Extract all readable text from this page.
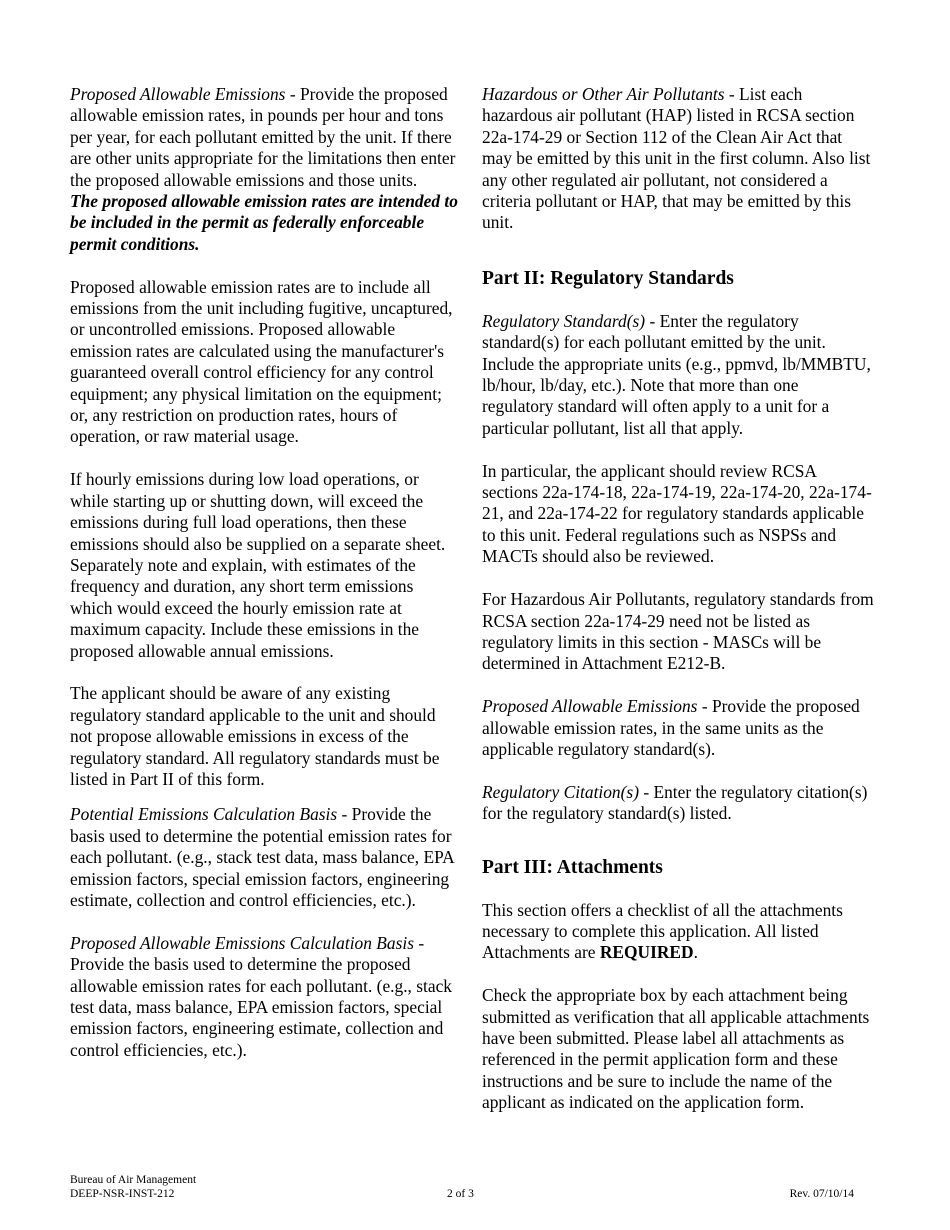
Proposed Allowable Emissions - Provide the proposed allowable emission rates, in pounds per hour and tons per year, for each pollutant emitted by the unit. If there are other units appropriate for the limitations then enter the proposed allowable emissions and those units.

The proposed allowable emission rates are intended to be included in the permit as federally enforceable permit conditions.

Proposed allowable emission rates are to include all emissions from the unit including fugitive, uncaptured, or uncontrolled emissions. Proposed allowable emission rates are calculated using the manufacturer's guaranteed overall control efficiency for any control equipment; any physical limitation on the equipment; or, any restriction on production rates, hours of operation, or raw material usage.

If hourly emissions during low load operations, or while starting up or shutting down, will exceed the emissions during full load operations, then these emissions should also be supplied on a separate sheet. Separately note and explain, with estimates of the frequency and duration, any short term emissions which would exceed the hourly emission rate at maximum capacity. Include these emissions in the proposed allowable annual emissions.

The applicant should be aware of any existing regulatory standard applicable to the unit and should not propose allowable emissions in excess of the regulatory standard. All regulatory standards must be listed in Part II of this form.

Potential Emissions Calculation Basis - Provide the basis used to determine the potential emission rates for each pollutant. (e.g., stack test data, mass balance, EPA emission factors, special emission factors, engineering estimate, collection and control efficiencies, etc.).

Proposed Allowable Emissions Calculation Basis - Provide the basis used to determine the proposed allowable emission rates for each pollutant. (e.g., stack test data, mass balance, EPA emission factors, special emission factors, engineering estimate, collection and control efficiencies, etc.).

Hazardous or Other Air Pollutants - List each hazardous air pollutant (HAP) listed in RCSA section 22a-174-29 or Section 112 of the Clean Air Act that may be emitted by this unit in the first column. Also list any other regulated air pollutant, not considered a criteria pollutant or HAP, that may be emitted by this unit.

Part II: Regulatory Standards

Regulatory Standard(s) - Enter the regulatory standard(s) for each pollutant emitted by the unit. Include the appropriate units (e.g., ppmvd, lb/MMBTU, lb/hour, lb/day, etc.). Note that more than one regulatory standard will often apply to a unit for a particular pollutant, list all that apply.

In particular, the applicant should review RCSA sections 22a-174-18, 22a-174-19, 22a-174-20, 22a-174-21, and 22a-174-22 for regulatory standards applicable to this unit. Federal regulations such as NSPSs and MACTs should also be reviewed.

For Hazardous Air Pollutants, regulatory standards from RCSA section 22a-174-29 need not be listed as regulatory limits in this section - MASCs will be determined in Attachment E212-B.

Proposed Allowable Emissions - Provide the proposed allowable emission rates, in the same units as the applicable regulatory standard(s).

Regulatory Citation(s) - Enter the regulatory citation(s) for the regulatory standard(s) listed.

Part III: Attachments

This section offers a checklist of all the attachments necessary to complete this application. All listed Attachments are REQUIRED.

Check the appropriate box by each attachment being submitted as verification that all applicable attachments have been submitted. Please label all attachments as referenced in the permit application form and these instructions and be sure to include the name of the applicant as indicated on the application form.

Bureau of Air Management
DEEP-NSR-INST-212	2 of 3	Rev. 07/10/14
